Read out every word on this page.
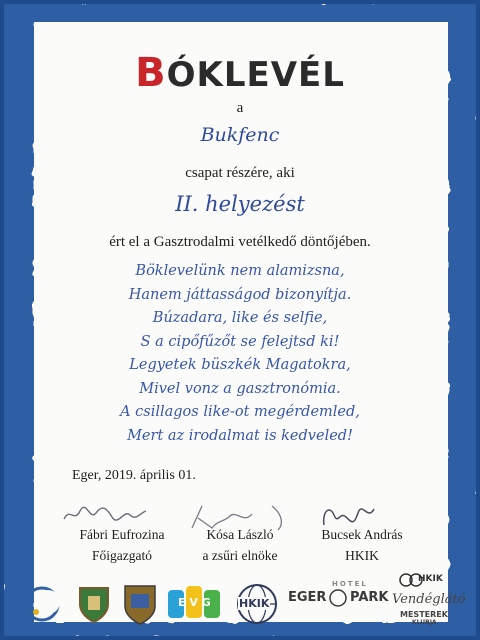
BÓKLEVÉL
a
Bukfenc
csapat részére, aki
II. helyezést
ért el a Gasztrodalmi vetélkedő döntőjében.
Böklevelünk nem alamizsna,
Hanem játtasságod bizonyítja.
Búzadara, like és selfie,
S a cipőfűzőt se felejtsd ki!
Legyetek büszkék Magatokra,
Mivel vonz a gasztronómia.
A csillagos like-ot megérdemled,
Mert az irodalmat is kedveled!
Eger, 2019. április 01.
Fábri Eufrozina
Főigazgató
Kósa László
a zsűri elnöke
Bucsek András
HKIK
E V G	HKIK
HOTEL
EGER PARK
HKIK
Vendéglátó
MESTEREK
KLUBJA
